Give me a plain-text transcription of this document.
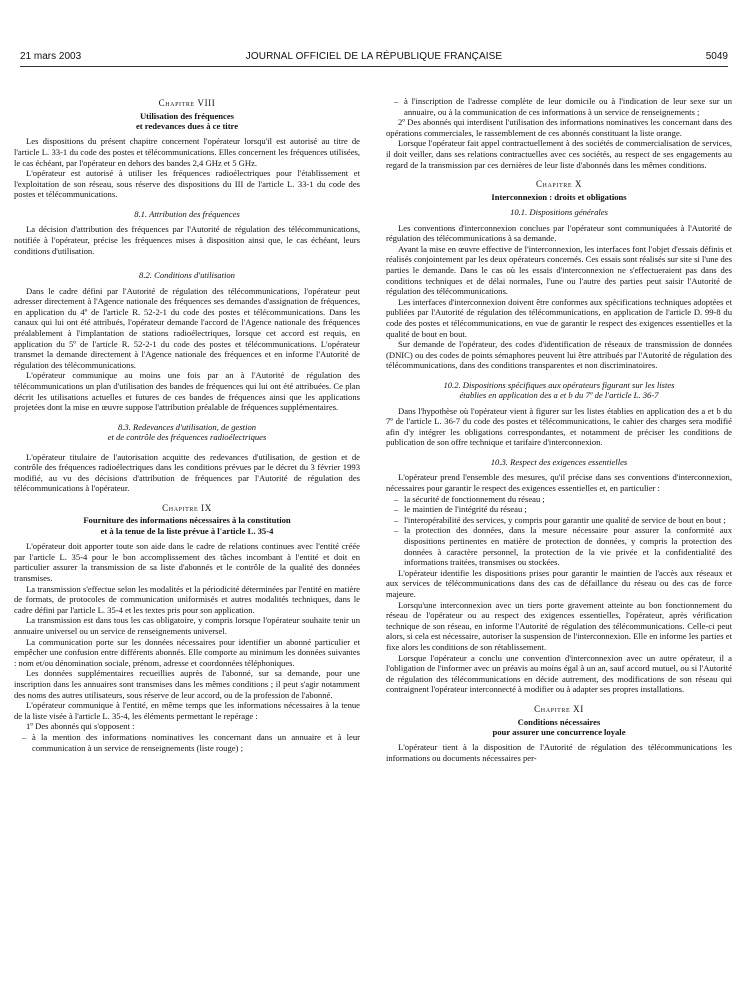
21 mars 2003	JOURNAL OFFICIEL DE LA RÉPUBLIQUE FRANÇAISE	5049
Chapitre VIII
Utilisation des fréquences
et redevances dues à ce titre

Les dispositions du présent chapitre concernent l'opérateur lorsqu'il est autorisé au titre de l'article L. 33-1 du code des postes et télécommunications. Elles concernent les fréquences utilisées, le cas échéant, par l'opérateur en dehors des bandes 2,4 GHz et 5 GHz.

L'opérateur est autorisé à utiliser les fréquences radioélectriques pour l'établissement et l'exploitation de son réseau, sous réserve des dispositions du III de l'article L. 33-1 du code des postes et télécommunications.

8.1. Attribution des fréquences

La décision d'attribution des fréquences par l'Autorité de régulation des télécommunications, notifiée à l'opérateur, précise les fréquences mises à disposition ainsi que, le cas échéant, leurs conditions d'utilisation.

8.2. Conditions d'utilisation

Dans le cadre défini par l'Autorité de régulation des télécommunications, l'opérateur peut adresser directement à l'Agence nationale des fréquences ses demandes d'assignation de fréquences, en application du 4º de l'article R. 52-2-1 du code des postes et télécommunications. Dans les canaux qui lui ont été attribués, l'opérateur demande l'accord de l'Agence nationale des fréquences préalablement à l'implantation de stations radioélectriques, lorsque cet accord est requis, en application du 5º de l'article R. 52-2-1 du code des postes et télécommunications. L'opérateur transmet la demande directement à l'Agence nationale des fréquences et en informe l'Autorité de régulation des télécommunications.

L'opérateur communique au moins une fois par an à l'Autorité de régulation des télécommunications un plan d'utilisation des bandes de fréquences qui lui ont été attribuées. Ce plan décrit les utilisations actuelles et futures de ces bandes de fréquences ainsi que les applications projetées dont la mise en œuvre suppose l'attribution préalable de fréquences supplémentaires.

8.3. Redevances d'utilisation, de gestion
et de contrôle des fréquences radioélectriques

L'opérateur titulaire de l'autorisation acquitte des redevances d'utilisation, de gestion et de contrôle des fréquences radioélectriques dans les conditions prévues par le décret du 3 février 1993 modifié, au vu des décisions d'attribution de fréquences par l'Autorité de régulation des télécommunications à l'opérateur.

Chapitre IX
Fourniture des informations nécessaires à la constitution
et à la tenue de la liste prévue à l'article L. 35-4

L'opérateur doit apporter toute son aide dans le cadre de relations continues avec l'entité créée par l'article L. 35-4 pour le bon accomplissement des tâches incombant à l'entité et doit en particulier assurer la transmission de sa liste d'abonnés et le contrôle de la qualité des données transmises.

La transmission s'effectue selon les modalités et la périodicité déterminées par l'entité en matière de formats, de protocoles de communication uniformisés et autres modalités techniques, dans le cadre défini par l'article L. 35-4 et les textes pris pour son application.

La transmission est dans tous les cas obligatoire, y compris lorsque l'opérateur souhaite tenir un annuaire universel ou un service de renseignements universel.

La communication porte sur les données nécessaires pour identifier un abonné particulier et empêcher une confusion entre différents abonnés. Elle comporte au minimum les données suivantes : nom et/ou dénomination sociale, prénom, adresse et coordonnées téléphoniques.

Les données supplémentaires recueillies auprès de l'abonné, sur sa demande, pour une inscription dans les annuaires sont transmises dans les mêmes conditions ; il peut s'agir notamment des noms des autres utilisateurs, sous réserve de leur accord, ou de la profession de l'abonné.

L'opérateur communique à l'entité, en même temps que les informations nécessaires à la tenue de la liste visée à l'article L. 35-4, les éléments permettant le repérage :

1º Des abonnés qui s'opposent :

– à la mention des informations nominatives les concernant dans un annuaire et à leur communication à un service de renseignements (liste rouge) ;

– à l'inscription de l'adresse complète de leur domicile ou à l'indication de leur sexe sur un annuaire, ou à la communication de ces informations à un service de renseignements ;

2º Des abonnés qui interdisent l'utilisation des informations nominatives les concernant dans des opérations commerciales, le rassemblement de ces abonnés constituant la liste orange.

Lorsque l'opérateur fait appel contractuellement à des sociétés de commercialisation de services, il doit veiller, dans ses relations contractuelles avec ces sociétés, au respect de ses engagements au regard de la transmission par ces dernières de leur liste d'abonnés dans les mêmes conditions.

Chapitre X
Interconnexion : droits et obligations
10.1. Dispositions générales

Les conventions d'interconnexion conclues par l'opérateur sont communiquées à l'Autorité de régulation des télécommunications à sa demande.

Avant la mise en œuvre effective de l'interconnexion, les interfaces font l'objet d'essais définis et réalisés conjointement par les deux opérateurs concernés. Ces essais sont réalisés sur site si l'une des parties le demande. Dans le cas où les essais d'interconnexion ne s'effectueraient pas dans des conditions techniques et de délai normales, l'une ou l'autre des parties peut saisir l'Autorité de régulation des télécommunications.

Les interfaces d'interconnexion doivent être conformes aux spécifications techniques adoptées et publiées par l'Autorité de régulation des télécommunications, en application de l'article D. 99-8 du code des postes et télécommunications, en vue de garantir le respect des exigences essentielles et la qualité de bout en bout.

Sur demande de l'opérateur, des codes d'identification de réseaux de transmission de données (DNIC) ou des codes de points sémaphores peuvent lui être attribués par l'Autorité de régulation des télécommunications, dans des conditions transparentes et non discriminatoires.

10.2. Dispositions spécifiques aux opérateurs figurant sur les listes
établies en application des a et b du 7º de l'article L. 36-7

Dans l'hypothèse où l'opérateur vient à figurer sur les listes établies en application des a et b du 7º de l'article L. 36-7 du code des postes et télécommunications, le cahier des charges sera modifié afin d'y intégrer les obligations correspondantes, et notamment de préciser les conditions de publication de son offre technique et tarifaire d'interconnexion.

10.3. Respect des exigences essentielles

L'opérateur prend l'ensemble des mesures, qu'il précise dans ses conventions d'interconnexion, nécessaires pour garantir le respect des exigences essentielles et, en particulier :

– la sécurité de fonctionnement du réseau ;

– le maintien de l'intégrité du réseau ;

– l'interopérabilité des services, y compris pour garantir une qualité de service de bout en bout ;

– la protection des données, dans la mesure nécessaire pour assurer la conformité aux dispositions pertinentes en matière de protection de données, y compris la protection des données à caractère personnel, la protection de la vie privée et la confidentialité des informations traitées, transmises ou stockées.

L'opérateur identifie les dispositions prises pour garantir le maintien de l'accès aux réseaux et aux services de télécommunications dans des cas de défaillance du réseau ou des cas de force majeure.

Lorsqu'une interconnexion avec un tiers porte gravement atteinte au bon fonctionnement du réseau de l'opérateur ou au respect des exigences essentielles, l'opérateur, après vérification technique de son réseau, en informe l'Autorité de régulation des télécommunications. Celle-ci peut alors, si cela est nécessaire, autoriser la suspension de l'interconnexion. Elle en informe les parties et fixe alors les conditions de son rétablissement.

Lorsque l'opérateur a conclu une convention d'interconnexion avec un autre opérateur, il a l'obligation de l'informer avec un préavis au moins égal à un an, sauf accord mutuel, ou si l'Autorité de régulation des télécommunications en décide autrement, des modifications de son réseau qui contraignent l'opérateur interconnecté à modifier ou à adapter ses propres installations.

Chapitre XI
Conditions nécessaires
pour assurer une concurrence loyale

L'opérateur tient à la disposition de l'Autorité de régulation des télécommunications les informations ou documents nécessaires per-
